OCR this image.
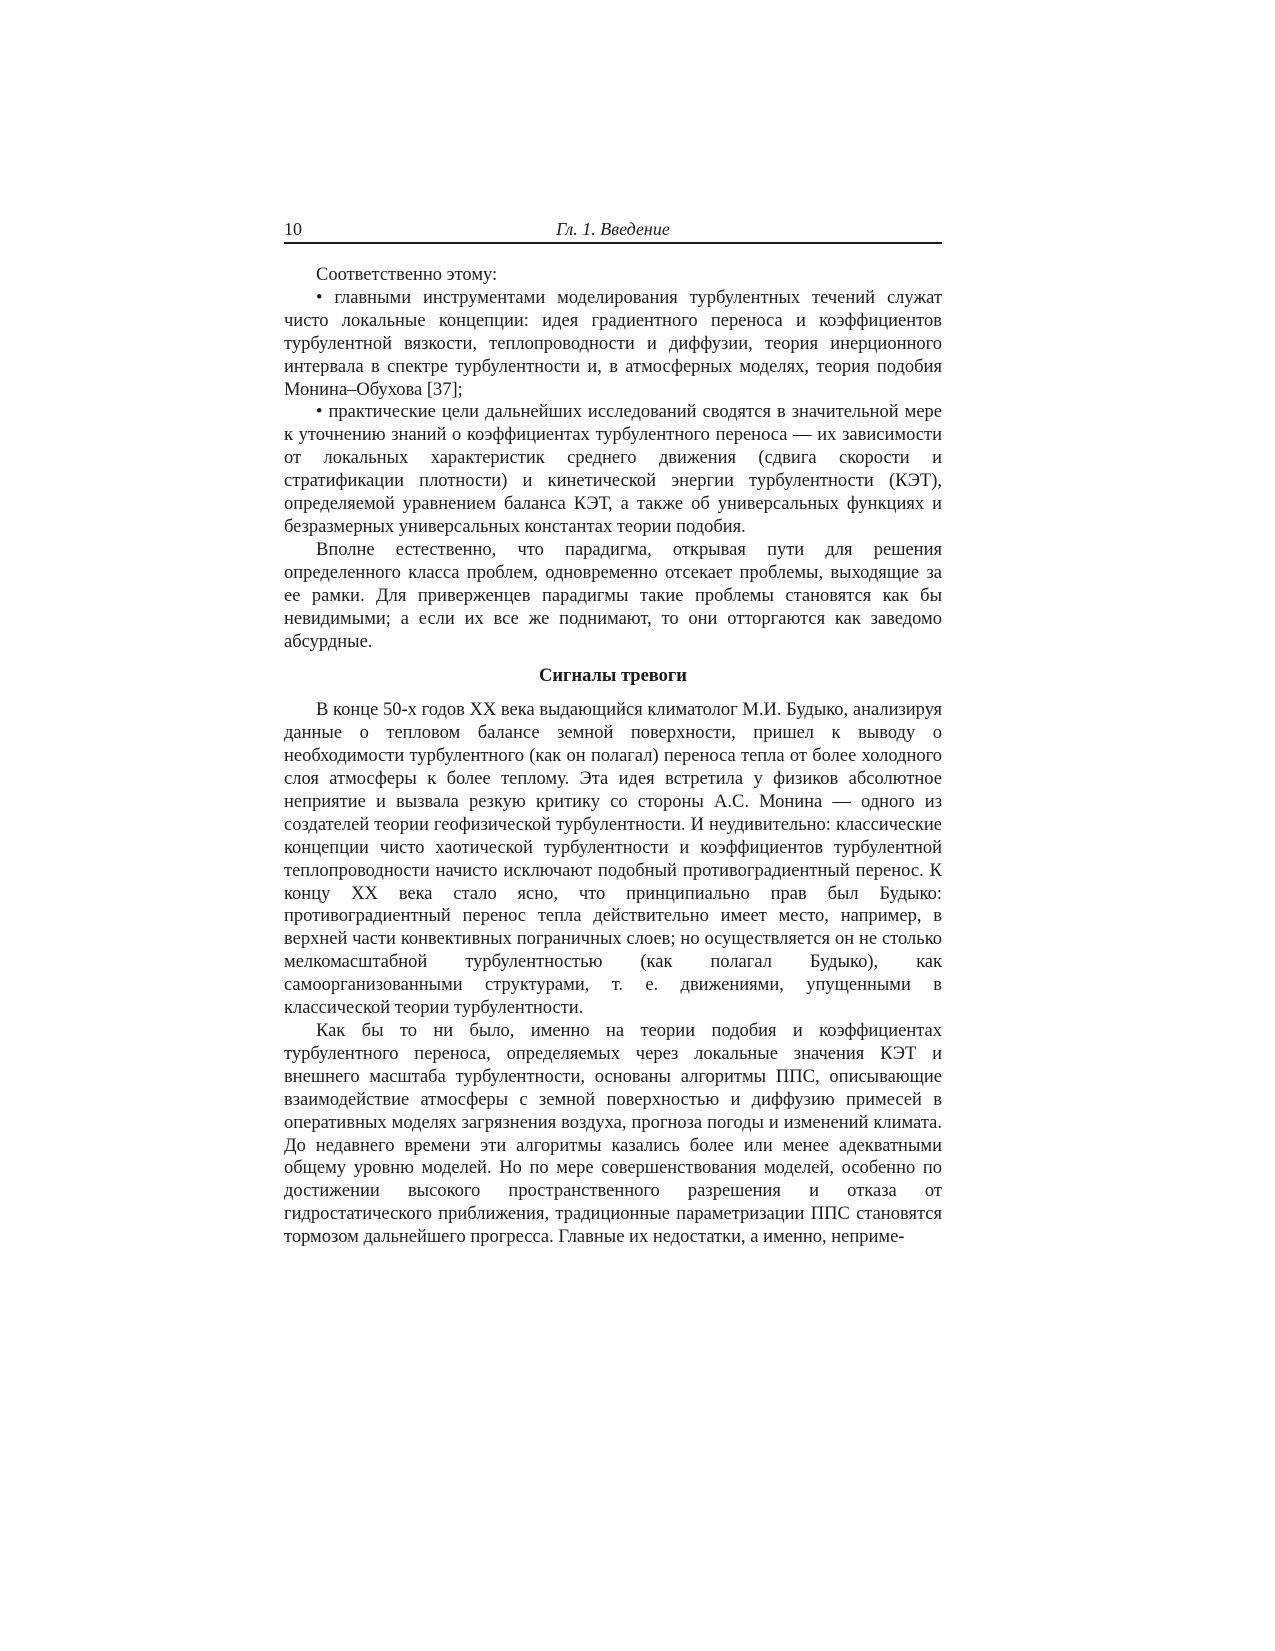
10	Гл. 1. Введение

Соответственно этому:

• главными инструментами моделирования турбулентных течений служат чисто локальные концепции: идея градиентного переноса и коэффициентов турбулентной вязкости, теплопроводности и диффузии, теория инерционного интервала в спектре турбулентности и, в атмосферных моделях, теория подобия Монина–Обухова [37];

• практические цели дальнейших исследований сводятся в значительной мере к уточнению знаний о коэффициентах турбулентного переноса — их зависимости от локальных характеристик среднего движения (сдвига скорости и стратификации плотности) и кинетической энергии турбулентности (КЭТ), определяемой уравнением баланса КЭТ, а также об универсальных функциях и безразмерных универсальных константах теории подобия.

Вполне естественно, что парадигма, открывая пути для решения определенного класса проблем, одновременно отсекает проблемы, выходящие за ее рамки. Для приверженцев парадигмы такие проблемы становятся как бы невидимыми; а если их все же поднимают, то они отторгаются как заведомо абсурдные.

Сигналы тревоги

В конце 50-х годов XX века выдающийся климатолог М.И. Будыко, анализируя данные о тепловом балансе земной поверхности, пришел к выводу о необходимости турбулентного (как он полагал) переноса тепла от более холодного слоя атмосферы к более теплому. Эта идея встретила у физиков абсолютное неприятие и вызвала резкую критику со стороны А.С. Монина — одного из создателей теории геофизической турбулентности. И неудивительно: классические концепции чисто хаотической турбулентности и коэффициентов турбулентной теплопроводности начисто исключают подобный противоградиентный перенос. К концу XX века стало ясно, что принципиально прав был Будыко: противоградиентный перенос тепла действительно имеет место, например, в верхней части конвективных пограничных слоев; но осуществляется он не столько мелкомасштабной турбулентностью (как полагал Будыко), как самоорганизованными структурами, т. е. движениями, упущенными в классической теории турбулентности.

Как бы то ни было, именно на теории подобия и коэффициентах турбулентного переноса, определяемых через локальные значения КЭТ и внешнего масштаба турбулентности, основаны алгоритмы ППС, описывающие взаимодействие атмосферы с земной поверхностью и диффузию примесей в оперативных моделях загрязнения воздуха, прогноза погоды и изменений климата. До недавнего времени эти алгоритмы казались более или менее адекватными общему уровню моделей. Но по мере совершенствования моделей, особенно по достижении высокого пространственного разрешения и отказа от гидростатического приближения, традиционные параметризации ППС становятся тормозом дальнейшего прогресса. Главные их недостатки, а именно, неприме-
